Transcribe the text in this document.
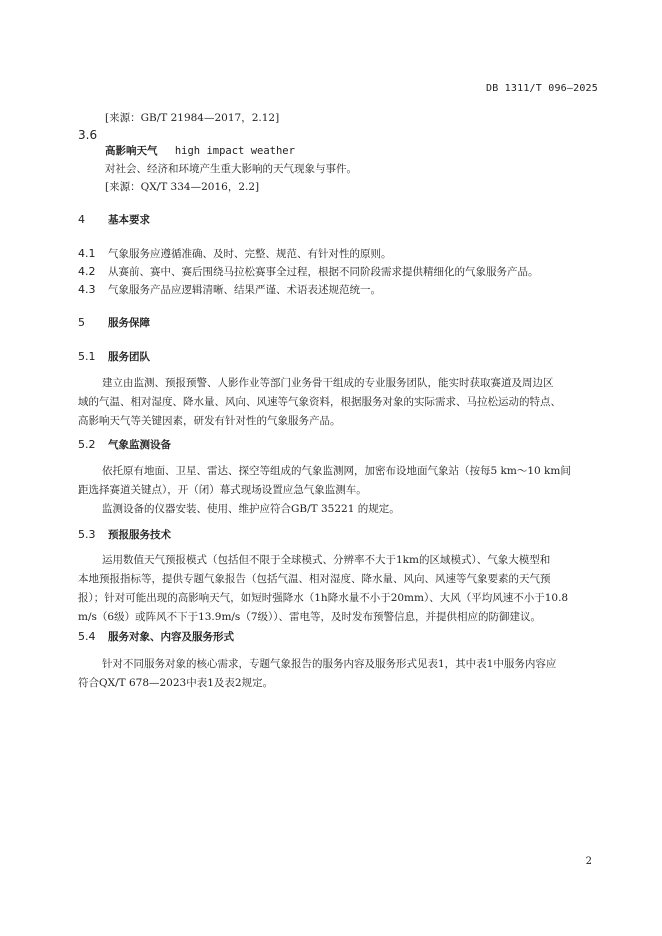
DB 1311/T 096—2025
[来源：GB/T 21984—2017，2.12]
3.6
高影响天气 high impact weather
对社会、经济和环境产生重大影响的天气现象与事件。
[来源：QX/T 334—2016，2.2]
4 基本要求
4.1 气象服务应遵循准确、及时、完整、规范、有针对性的原则。
4.2 从赛前、赛中、赛后围绕马拉松赛事全过程，根据不同阶段需求提供精细化的气象服务产品。
4.3 气象服务产品应逻辑清晰、结果严谨、术语表述规范统一。
5 服务保障
5.1 服务团队
建立由监测、预报预警、人影作业等部门业务骨干组成的专业服务团队，能实时获取赛道及周边区
域的气温、相对湿度、降水量、风向、风速等气象资料，根据服务对象的实际需求、马拉松运动的特点、
高影响天气等关键因素，研发有针对性的气象服务产品。
5.2 气象监测设备
依托原有地面、卫星、雷达、探空等组成的气象监测网，加密布设地面气象站（按每5 km～10 km间
距选择赛道关键点），开（闭）幕式现场设置应急气象监测车。
监测设备的仪器安装、使用、维护应符合GB/T 35221 的规定。
5.3 预报服务技术
运用数值天气预报模式（包括但不限于全球模式、分辨率不大于1km的区域模式）、气象大模型和
本地预报指标等，提供专题气象报告（包括气温、相对湿度、降水量、风向、风速等气象要素的天气预
报）；针对可能出现的高影响天气，如短时强降水（1h降水量不小于20mm）、大风（平均风速不小于10.8
m/s（6级）或阵风不下于13.9m/s（7级））、雷电等，及时发布预警信息，并提供相应的防御建议。
5.4 服务对象、内容及服务形式
针对不同服务对象的核心需求，专题气象报告的服务内容及服务形式见表1，其中表1中服务内容应
符合QX/T 678—2023中表1及表2规定。
2
